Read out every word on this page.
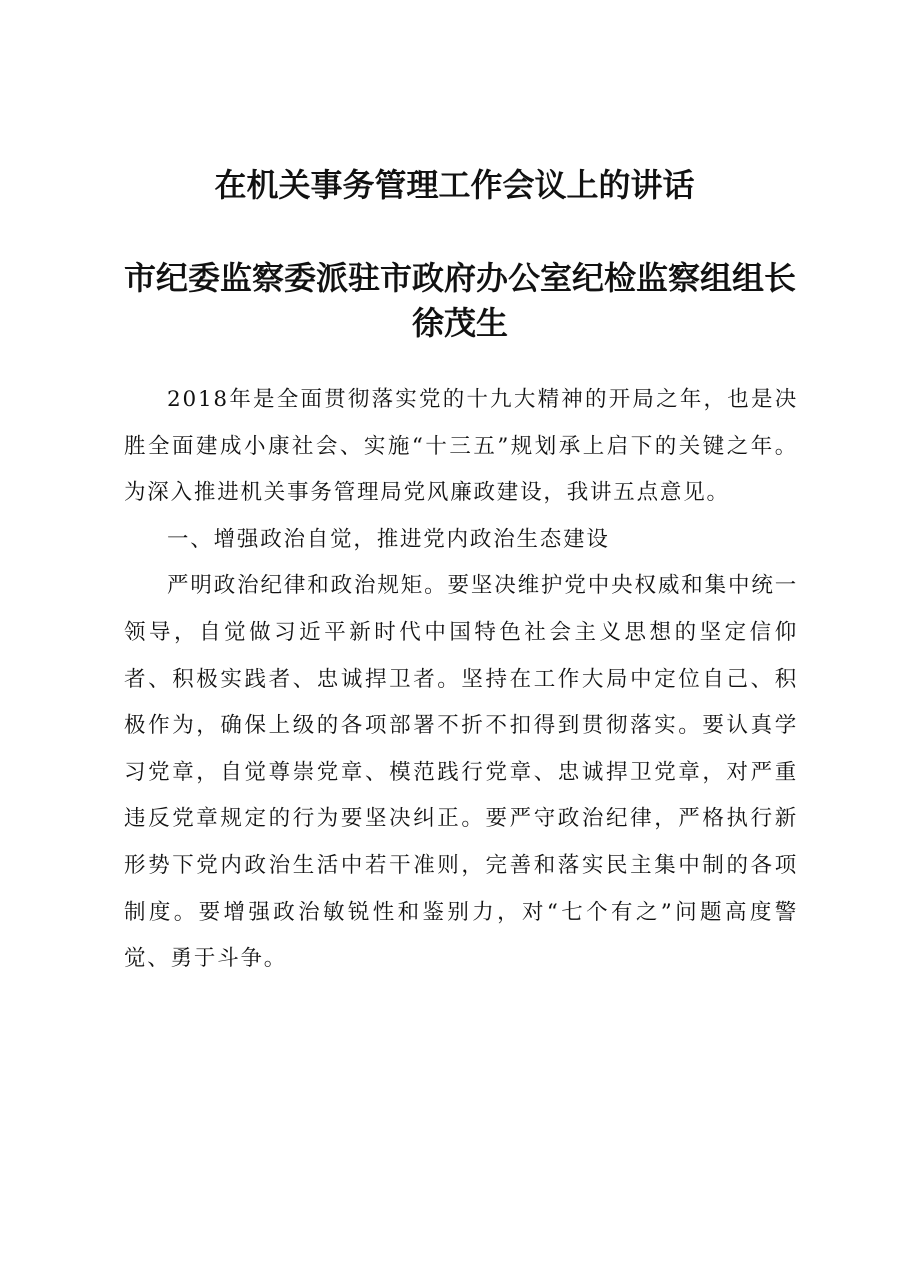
在机关事务管理工作会议上的讲话
市纪委监察委派驻市政府办公室纪检监察组组长徐茂生

2018年是全面贯彻落实党的十九大精神的开局之年，也是决胜全面建成小康社会、实施“十三五”规划承上启下的关键之年。为深入推进机关事务管理局党风廉政建设，我讲五点意见。

一、增强政治自觉，推进党内政治生态建设

严明政治纪律和政治规矩。要坚决维护党中央权威和集中统一领导，自觉做习近平新时代中国特色社会主义思想的坚定信仰者、积极实践者、忠诚捍卫者。坚持在工作大局中定位自己、积极作为，确保上级的各项部署不折不扣得到贯彻落实。要认真学习党章，自觉尊崇党章、模范践行党章、忠诚捍卫党章，对严重违反党章规定的行为要坚决纠正。要严守政治纪律，严格执行新形势下党内政治生活中若干准则，完善和落实民主集中制的各项制度。要增强政治敏锐性和鉴别力，对“七个有之”问题高度警觉、勇于斗争。
